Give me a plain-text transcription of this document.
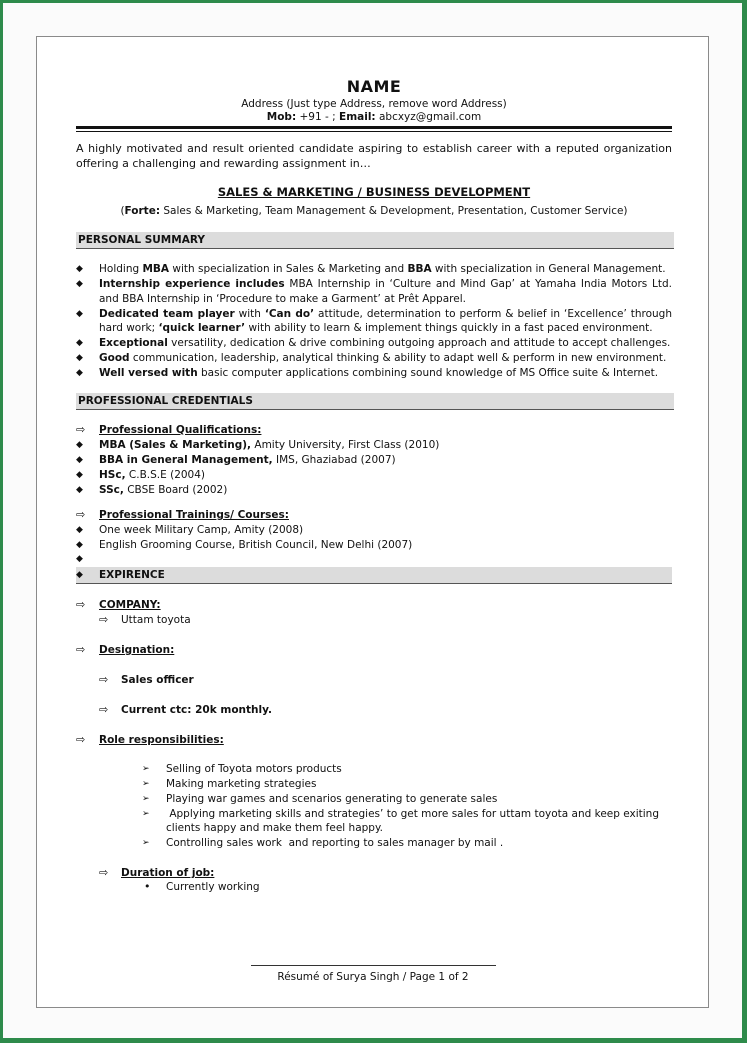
NAME
Address (Just type Address, remove word Address)
Mob: +91 - ; Email: abcxyz@gmail.com
A highly motivated and result oriented candidate aspiring to establish career with a reputed organization
offering a challenging and rewarding assignment in…
SALES & MARKETING / BUSINESS DEVELOPMENT
(Forte: Sales & Marketing, Team Management & Development, Presentation, Customer Service)
PERSONAL SUMMARY
◆	Holding MBA with specialization in Sales & Marketing and BBA with specialization in General Management.
◆	Internship experience includes MBA Internship in ‘Culture and Mind Gap’ at Yamaha India Motors Ltd.
and BBA Internship in ‘Procedure to make a Garment’ at Prêt Apparel.
◆	Dedicated team player with ‘Can do’ attitude, determination to perform & belief in ‘Excellence’ through
hard work; ‘quick learner’ with ability to learn & implement things quickly in a fast paced environment.
◆	Exceptional versatility, dedication & drive combining outgoing approach and attitude to accept challenges.
◆	Good communication, leadership, analytical thinking & ability to adapt well & perform in new environment.
◆	Well versed with basic computer applications combining sound knowledge of MS Office suite & Internet.
PROFESSIONAL CREDENTIALS
⇨ Professional Qualifications:
◆	MBA (Sales & Marketing), Amity University, First Class (2010)
◆	BBA in General Management, IMS, Ghaziabad (2007)
◆	HSc, C.B.S.E (2004)
◆	SSc, CBSE Board (2002)
⇨ Professional Trainings/ Courses:
◆	One week Military Camp, Amity (2008)
◆	English Grooming Course, British Council, New Delhi (2007)
◆
◆ EXPIRENCE
⇨ COMPANY:
⇨ Uttam toyota
⇨ Designation:
⇨ Sales officer
⇨ Current ctc: 20k monthly.
⇨ Role responsibilities:
➢ Selling of Toyota motors products
➢ Making marketing strategies
➢ Playing war games and scenarios generating to generate sales
➢ Applying marketing skills and strategies’ to get more sales for uttam toyota and keep exiting
clients happy and make them feel happy.
➢ Controlling sales work  and reporting to sales manager by mail .
⇨ Duration of job:
• Currently working
Résumé of Surya Singh / Page 1 of 2
